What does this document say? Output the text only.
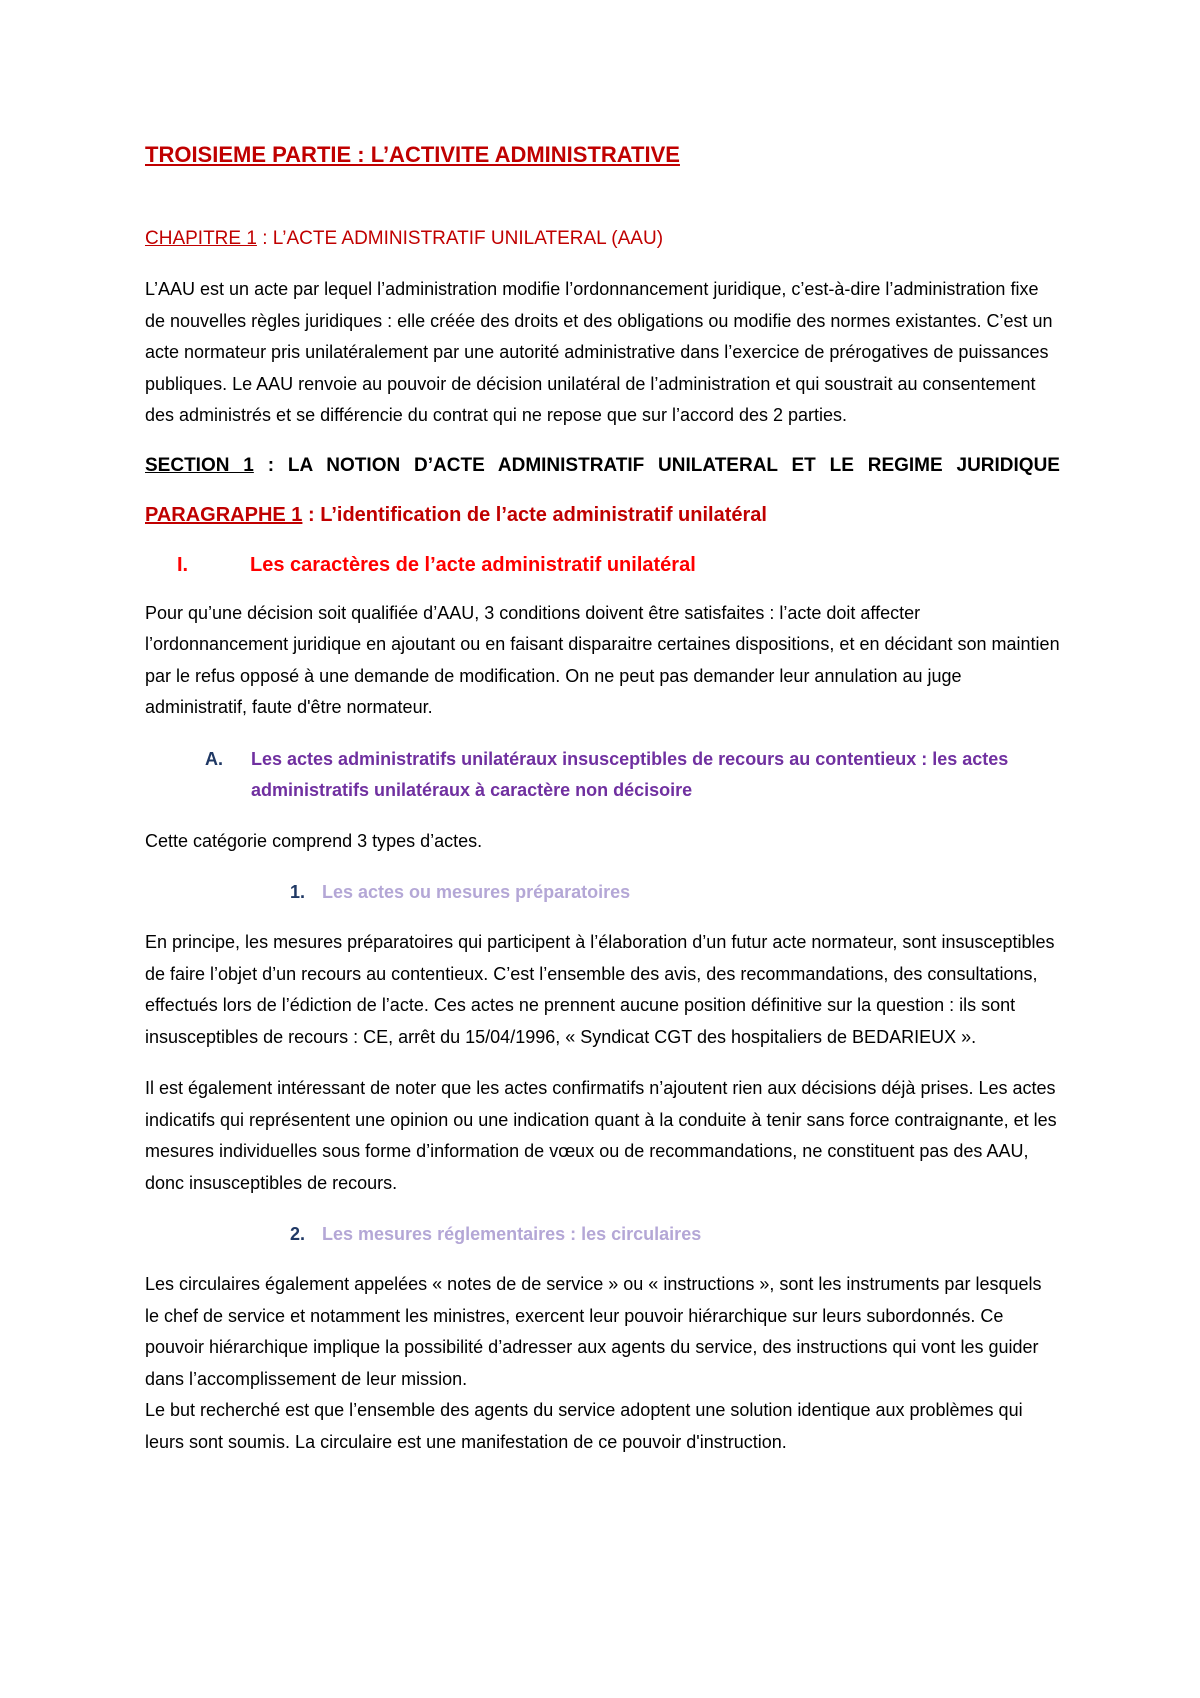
TROISIEME PARTIE : L’ACTIVITE ADMINISTRATIVE
CHAPITRE 1 : L’ACTE ADMINISTRATIF UNILATERAL (AAU)

L’AAU est un acte par lequel l’administration modifie l’ordonnancement juridique, c’est-à-dire l’administration fixe de nouvelles règles juridiques : elle créée des droits et des obligations ou modifie des normes existantes. C’est un acte normateur pris unilatéralement par une autorité administrative dans l’exercice de prérogatives de puissances publiques. Le AAU renvoie au pouvoir de décision unilatéral de l’administration et qui soustrait au consentement des administrés et se différencie du contrat qui ne repose que sur l’accord des 2 parties.

SECTION 1 : LA NOTION D’ACTE ADMINISTRATIF UNILATERAL ET LE REGIME JURIDIQUE
PARAGRAPHE 1 : L’identification de l’acte administratif unilatéral
I.	Les caractères de l’acte administratif unilatéral

Pour qu’une décision soit qualifiée d’AAU, 3 conditions doivent être satisfaites : l’acte doit affecter l’ordonnancement juridique en ajoutant ou en faisant disparaitre certaines dispositions, et en décidant son maintien par le refus opposé à une demande de modification. On ne peut pas demander leur annulation au juge administratif, faute d'être normateur.

A.	Les actes administratifs unilatéraux insusceptibles de recours au contentieux : les actes administratifs unilatéraux à caractère non décisoire

Cette catégorie comprend 3 types d’actes.

1. Les actes ou mesures préparatoires

En principe, les mesures préparatoires qui participent à l’élaboration d’un futur acte normateur, sont insusceptibles de faire l’objet d’un recours au contentieux. C’est l’ensemble des avis, des recommandations, des consultations, effectués lors de l’édiction de l’acte. Ces actes ne prennent aucune position définitive sur la question : ils sont insusceptibles de recours : CE, arrêt du 15/04/1996, « Syndicat CGT des hospitaliers de BEDARIEUX ».

Il est également intéressant de noter que les actes confirmatifs n’ajoutent rien aux décisions déjà prises. Les actes indicatifs qui représentent une opinion ou une indication quant à la conduite à tenir sans force contraignante, et les mesures individuelles sous forme d’information de vœux ou de recommandations, ne constituent pas des AAU, donc insusceptibles de recours.

2. Les mesures réglementaires : les circulaires

Les circulaires également appelées « notes de de service » ou « instructions », sont les instruments par lesquels le chef de service et notamment les ministres, exercent leur pouvoir hiérarchique sur leurs subordonnés. Ce pouvoir hiérarchique implique la possibilité d’adresser aux agents du service, des instructions qui vont les guider dans l’accomplissement de leur mission.

Le but recherché est que l’ensemble des agents du service adoptent une solution identique aux problèmes qui leurs sont soumis. La circulaire est une manifestation de ce pouvoir d'instruction.
